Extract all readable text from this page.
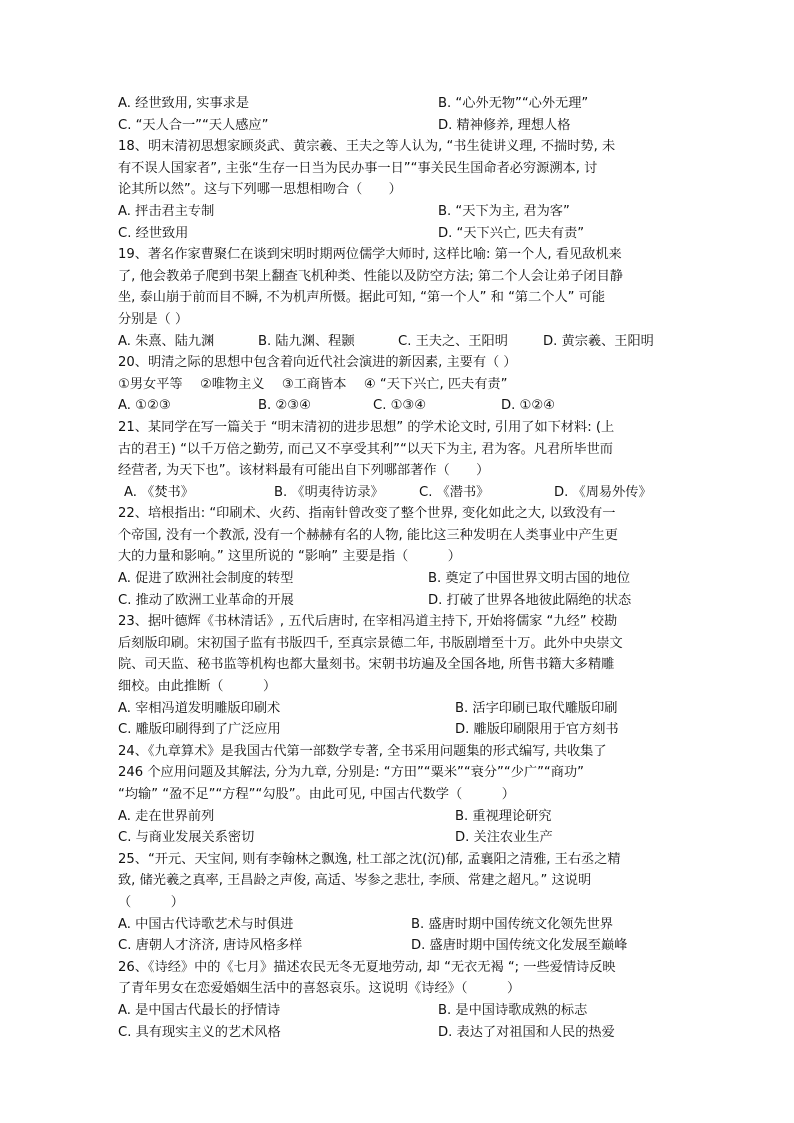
A. 经世致用, 实事求是	B. “心外无物”“心外无理”
C. “天人合一”“天人感应”	D. 精神修养, 理想人格
18、明末清初思想家顾炎武、黄宗羲、王夫之等人认为, “书生徒讲义理, 不揣时势, 未
有不误人国家者”, 主张“生存一日当为民办事一日”“事关民生国命者必穷源溯本, 讨
论其所以然”。这与下列哪一思想相吻合（　　）
A. 抨击君主专制	B. “天下为主, 君为客”
C. 经世致用	D. “天下兴亡, 匹夫有责”
19、著名作家曹聚仁在谈到宋明时期两位儒学大师时, 这样比喻: 第一个人, 看见敌机来
了, 他会教弟子爬到书架上翻查飞机种类、性能以及防空方法; 第二个人会让弟子闭目静
坐, 泰山崩于前而目不瞬, 不为机声所慑。据此可知, “第一个人” 和 “第二个人” 可能
分别是（ ）
A. 朱熹、陆九渊	B. 陆九渊、程颢	C. 王夫之、王阳明	D. 黄宗羲、王阳明
20、明清之际的思想中包含着向近代社会演进的新因素, 主要有（ ）
①男女平等　 ②唯物主义　 ③工商皆本　 ④ “天下兴亡, 匹夫有责”
A. ①②③	B. ②③④	C. ①③④	D. ①②④
21、某同学在写一篇关于 “明末清初的进步思想” 的学术论文时, 引用了如下材料: (上
古的君王) “以千万倍之勤劳, 而己又不享受其利”“以天下为主, 君为客。凡君所毕世而
经营者, 为天下也”。该材料最有可能出自下列哪部著作（　　）
A. 《焚书》	B. 《明夷待访录》	C. 《潜书》	D. 《周易外传》
22、培根指出: “印刷术、火药、指南针曾改变了整个世界, 变化如此之大, 以致没有一
个帝国, 没有一个教派, 没有一个赫赫有名的人物, 能比这三种发明在人类事业中产生更
大的力量和影响。” 这里所说的 “影响” 主要是指（　　　）
A. 促进了欧洲社会制度的转型	B. 奠定了中国世界文明古国的地位
C. 推动了欧洲工业革命的开展	D. 打破了世界各地彼此隔绝的状态
23、据叶德辉《书林清话》, 五代后唐时, 在宰相冯道主持下, 开始将儒家 “九经” 校勘
后刻版印刷。宋初国子监有书版四千, 至真宗景德二年, 书版剧增至十万。此外中央崇文
院、司天监、秘书监等机构也都大量刻书。宋朝书坊遍及全国各地, 所售书籍大多精雕
细校。由此推断（　　　）
A. 宰相冯道发明雕版印刷术	B. 活字印刷已取代雕版印刷
C. 雕版印刷得到了广泛应用	D. 雕版印刷限用于官方刻书
24、《九章算术》是我国古代第一部数学专著, 全书采用问题集的形式编写, 共收集了
246 个应用问题及其解法, 分为九章, 分别是: “方田”“粟米”“衰分”“少广”“商功”
“均输” “盈不足”“方程”“勾股”。由此可见, 中国古代数学（　　　）
A. 走在世界前列	B. 重视理论研究
C. 与商业发展关系密切	D. 关注农业生产
25、“开元、天宝间, 则有李翰林之飘逸, 杜工部之沈(沉)郁, 孟襄阳之清雅, 王右丞之精
致, 储光羲之真率, 王昌龄之声俊, 高适、岑参之悲壮, 李颀、常建之超凡。” 这说明
（　　　）
A. 中国古代诗歌艺术与时俱进	B. 盛唐时期中国传统文化领先世界
C. 唐朝人才济济, 唐诗风格多样	D. 盛唐时期中国传统文化发展至巅峰
26、《诗经》中的《七月》描述农民无冬无夏地劳动, 却 “无衣无褐 “; 一些爱情诗反映
了青年男女在恋爱婚姻生活中的喜怒哀乐。这说明《诗经》（　　　）
A. 是中国古代最长的抒情诗	B. 是中国诗歌成熟的标志
C. 具有现实主义的艺术风格	D. 表达了对祖国和人民的热爱
